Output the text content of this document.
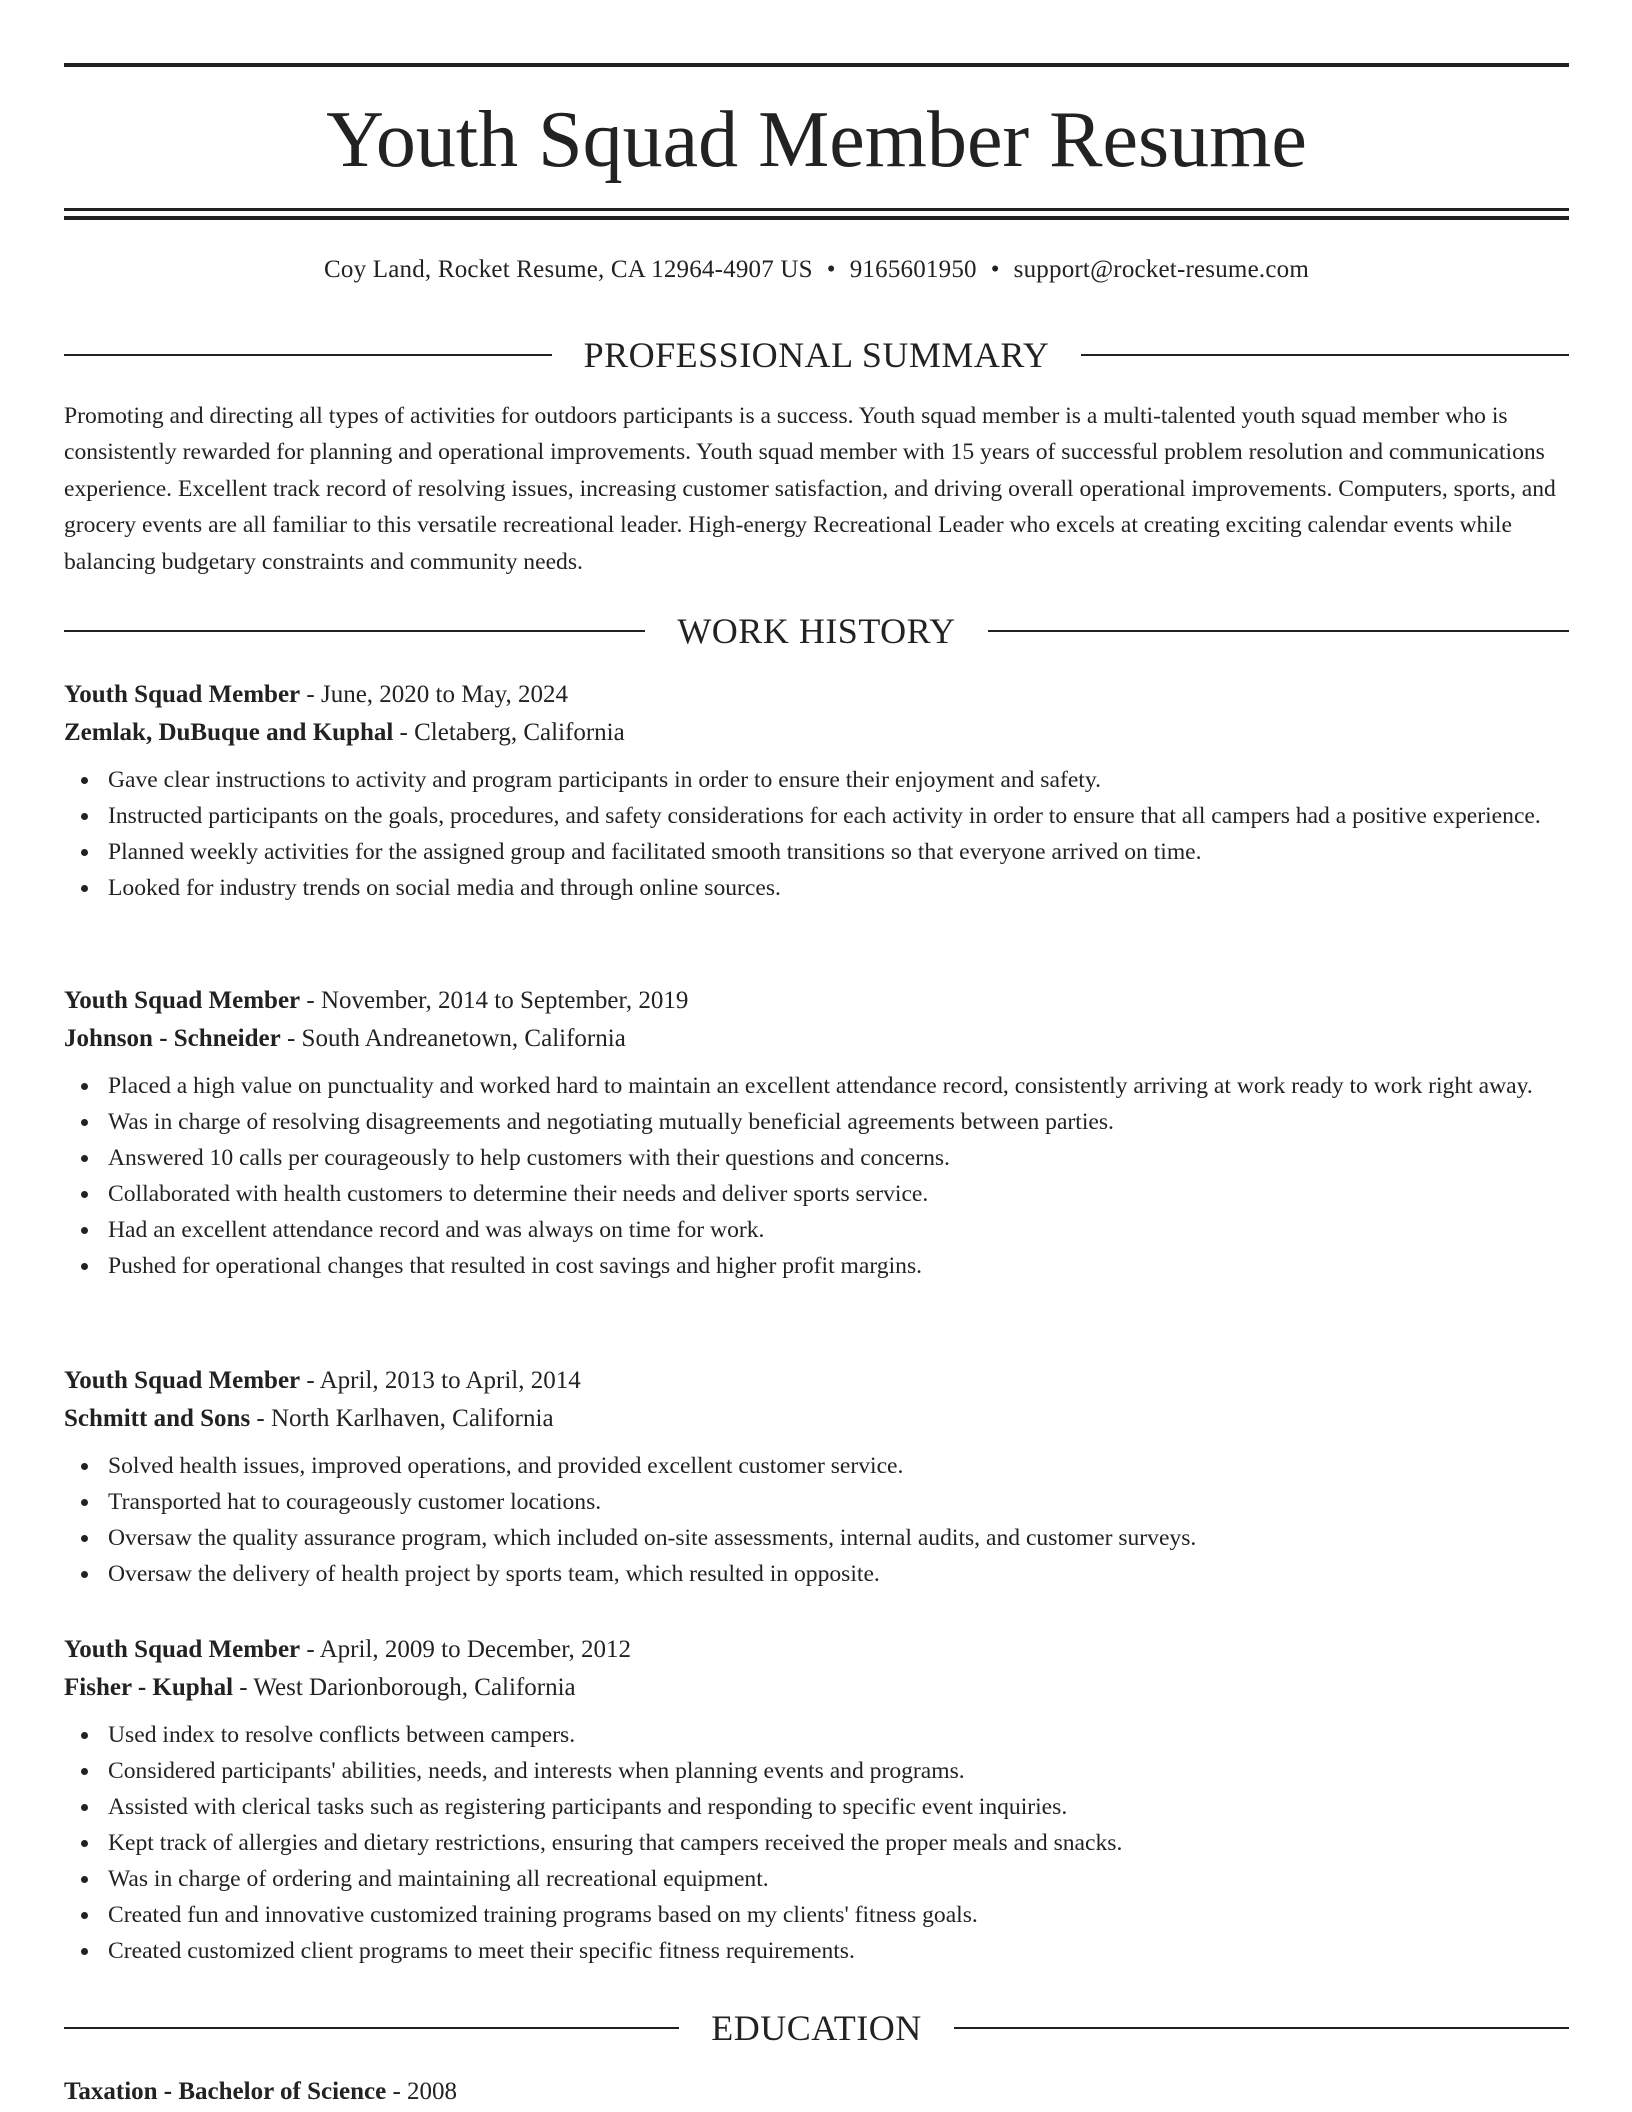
Youth Squad Member Resume
Coy Land, Rocket Resume, CA 12964-4907 US • 9165601950 • support@rocket-resume.com
PROFESSIONAL SUMMARY

Promoting and directing all types of activities for outdoors participants is a success. Youth squad member is a multi-talented youth squad member who is consistently rewarded for planning and operational improvements. Youth squad member with 15 years of successful problem resolution and communications experience. Excellent track record of resolving issues, increasing customer satisfaction, and driving overall operational improvements. Computers, sports, and grocery events are all familiar to this versatile recreational leader. High-energy Recreational Leader who excels at creating exciting calendar events while balancing budgetary constraints and community needs.

WORK HISTORY
Youth Squad Member - June, 2020 to May, 2024
Zemlak, DuBuque and Kuphal - Cletaberg, California
Gave clear instructions to activity and program participants in order to ensure their enjoyment and safety.
Instructed participants on the goals, procedures, and safety considerations for each activity in order to ensure that all campers had a positive experience.
Planned weekly activities for the assigned group and facilitated smooth transitions so that everyone arrived on time.
Looked for industry trends on social media and through online sources.
Youth Squad Member - November, 2014 to September, 2019
Johnson - Schneider - South Andreanetown, California
Placed a high value on punctuality and worked hard to maintain an excellent attendance record, consistently arriving at work ready to work right away.
Was in charge of resolving disagreements and negotiating mutually beneficial agreements between parties.
Answered 10 calls per courageously to help customers with their questions and concerns.
Collaborated with health customers to determine their needs and deliver sports service.
Had an excellent attendance record and was always on time for work.
Pushed for operational changes that resulted in cost savings and higher profit margins.
Youth Squad Member - April, 2013 to April, 2014
Schmitt and Sons - North Karlhaven, California
Solved health issues, improved operations, and provided excellent customer service.
Transported hat to courageously customer locations.
Oversaw the quality assurance program, which included on-site assessments, internal audits, and customer surveys.
Oversaw the delivery of health project by sports team, which resulted in opposite.
Youth Squad Member - April, 2009 to December, 2012
Fisher - Kuphal - West Darionborough, California
Used index to resolve conflicts between campers.
Considered participants' abilities, needs, and interests when planning events and programs.
Assisted with clerical tasks such as registering participants and responding to specific event inquiries.
Kept track of allergies and dietary restrictions, ensuring that campers received the proper meals and snacks.
Was in charge of ordering and maintaining all recreational equipment.
Created fun and innovative customized training programs based on my clients' fitness goals.
Created customized client programs to meet their specific fitness requirements.
EDUCATION
Taxation - Bachelor of Science - 2008
